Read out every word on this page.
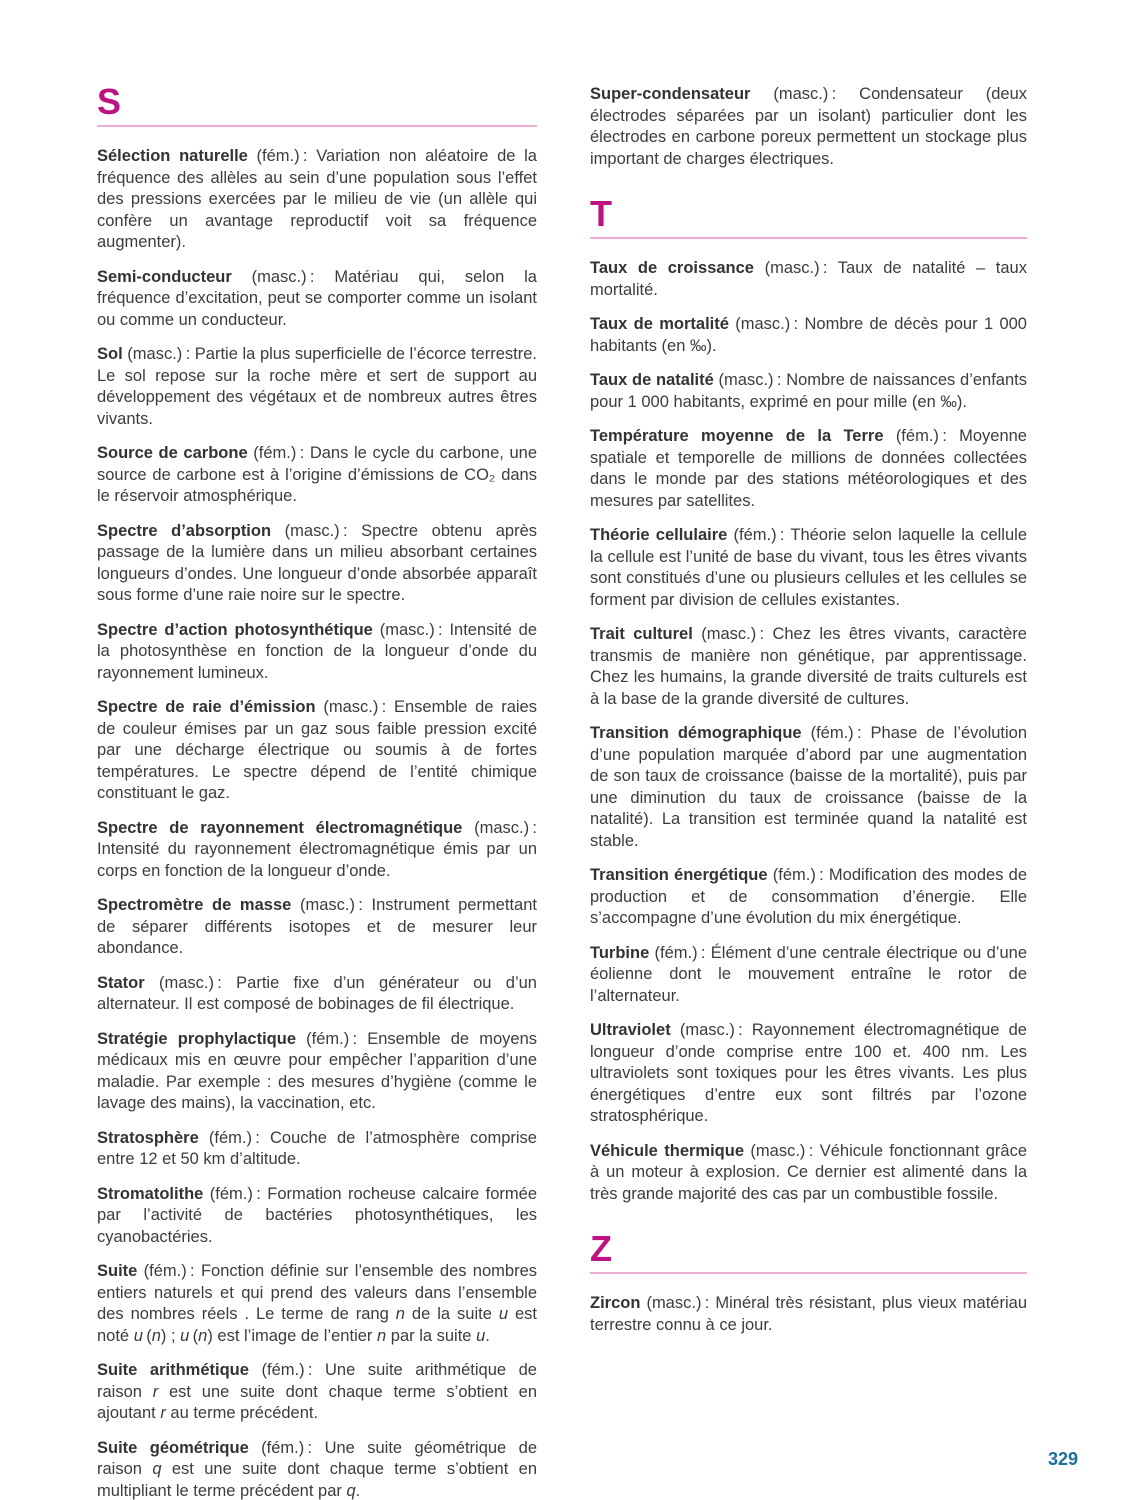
S

Sélection naturelle (fém.) : Variation non aléatoire de la fréquence des allèles au sein d’une population sous l’effet des pressions exercées par le milieu de vie (un allèle qui confère un avantage reproductif voit sa fréquence augmenter).

Semi-conducteur (masc.) : Matériau qui, selon la fréquence d’excitation, peut se comporter comme un isolant ou comme un conducteur.

Sol (masc.) : Partie la plus superficielle de l’écorce terrestre. Le sol repose sur la roche mère et sert de support au développement des végétaux et de nombreux autres êtres vivants.

Source de carbone (fém.) : Dans le cycle du carbone, une source de carbone est à l’origine d’émissions de CO₂ dans le réservoir atmosphérique.

Spectre d’absorption (masc.) : Spectre obtenu après passage de la lumière dans un milieu absorbant certaines longueurs d’ondes. Une longueur d’onde absorbée apparaît sous forme d’une raie noire sur le spectre.

Spectre d’action photosynthétique (masc.) : Intensité de la photosynthèse en fonction de la longueur d’onde du rayonnement lumineux.

Spectre de raie d’émission (masc.) : Ensemble de raies de couleur émises par un gaz sous faible pression excité par une décharge électrique ou soumis à de fortes températures. Le spectre dépend de l’entité chimique constituant le gaz.

Spectre de rayonnement électromagnétique (masc.) : Intensité du rayonnement électromagnétique émis par un corps en fonction de la longueur d’onde.

Spectromètre de masse (masc.) : Instrument permettant de séparer différents isotopes et de mesurer leur abondance.

Stator (masc.) : Partie fixe d’un générateur ou d’un alternateur. Il est composé de bobinages de fil électrique.

Stratégie prophylactique (fém.) : Ensemble de moyens médicaux mis en œuvre pour empêcher l’apparition d’une maladie. Par exemple : des mesures d’hygiène (comme le lavage des mains), la vaccination, etc.

Stratosphère (fém.) : Couche de l’atmosphère comprise entre 12 et 50 km d’altitude.

Stromatolithe (fém.) : Formation rocheuse calcaire formée par l’activité de bactéries photosynthétiques, les cyanobactéries.

Suite (fém.) : Fonction définie sur l’ensemble des nombres entiers naturels et qui prend des valeurs dans l’ensemble des nombres réels . Le terme de rang n de la suite u est noté u (n) ; u (n) est l’image de l’entier n par la suite u.

Suite arithmétique (fém.) : Une suite arithmétique de raison r est une suite dont chaque terme s’obtient en ajoutant r au terme précédent.

Suite géométrique (fém.) : Une suite géométrique de raison q est une suite dont chaque terme s’obtient en multipliant le terme précédent par q.

Super-condensateur (masc.) : Condensateur (deux électrodes séparées par un isolant) particulier dont les électrodes en carbone poreux permettent un stockage plus important de charges électriques.

T

Taux de croissance (masc.) : Taux de natalité – taux mortalité.

Taux de mortalité (masc.) : Nombre de décès pour 1 000 habitants (en ‰).

Taux de natalité (masc.) : Nombre de naissances d’enfants pour 1 000 habitants, exprimé en pour mille (en ‰).

Température moyenne de la Terre (fém.) : Moyenne spatiale et temporelle de millions de données collectées dans le monde par des stations météorologiques et des mesures par satellites.

Théorie cellulaire (fém.) : Théorie selon laquelle la cellule la cellule est l’unité de base du vivant, tous les êtres vivants sont constitués d’une ou plusieurs cellules et les cellules se forment par division de cellules existantes.

Trait culturel (masc.) : Chez les êtres vivants, caractère transmis de manière non génétique, par apprentissage. Chez les humains, la grande diversité de traits culturels est à la base de la grande diversité de cultures.

Transition démographique (fém.) : Phase de l’évolution d’une population marquée d’abord par une augmentation de son taux de croissance (baisse de la mortalité), puis par une diminution du taux de croissance (baisse de la natalité). La transition est terminée quand la natalité est stable.

Transition énergétique (fém.) : Modification des modes de production et de consommation d’énergie. Elle s’accompagne d’une évolution du mix énergétique.

Turbine (fém.) : Élément d’une centrale électrique ou d’une éolienne dont le mouvement entraîne le rotor de l’alternateur.

Ultraviolet (masc.) : Rayonnement électromagnétique de longueur d’onde comprise entre 100 et. 400 nm. Les ultraviolets sont toxiques pour les êtres vivants. Les plus énergétiques d’entre eux sont filtrés par l’ozone stratosphérique.

Véhicule thermique (masc.) : Véhicule fonctionnant grâce à un moteur à explosion. Ce dernier est alimenté dans la très grande majorité des cas par un combustible fossile.

Z

Zircon (masc.) : Minéral très résistant, plus vieux matériau terrestre connu à ce jour.

329
